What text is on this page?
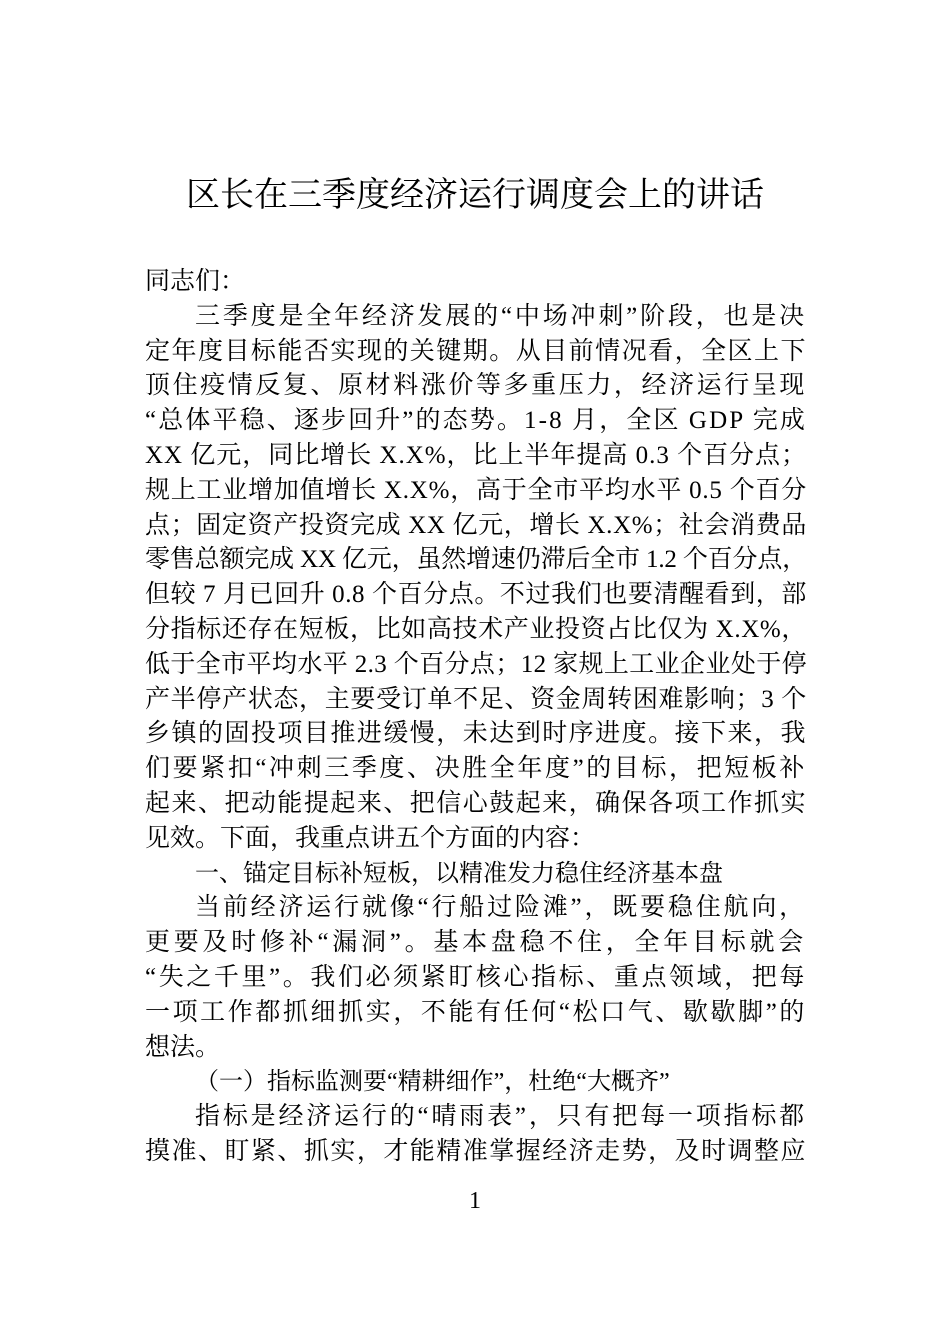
区长在三季度经济运行调度会上的讲话
同志们：
三季度是全年经济发展的“中场冲刺”阶段，也是决
定年度目标能否实现的关键期。从目前情况看，全区上下
顶住疫情反复、原材料涨价等多重压力，经济运行呈现
“总体平稳、逐步回升”的态势。1-8 月，全区 GDP 完成
XX 亿元，同比增长 X.X%，比上半年提高 0.3 个百分点；
规上工业增加值增长 X.X%，高于全市平均水平 0.5 个百分
点；固定资产投资完成 XX 亿元，增长 X.X%；社会消费品
零售总额完成 XX 亿元，虽然增速仍滞后全市 1.2 个百分点，
但较 7 月已回升 0.8 个百分点。不过我们也要清醒看到，部
分指标还存在短板，比如高技术产业投资占比仅为 X.X%，
低于全市平均水平 2.3 个百分点；12 家规上工业企业处于停
产半停产状态，主要受订单不足、资金周转困难影响；3 个
乡镇的固投项目推进缓慢，未达到时序进度。接下来，我
们要紧扣“冲刺三季度、决胜全年度”的目标，把短板补
起来、把动能提起来、把信心鼓起来，确保各项工作抓实
见效。下面，我重点讲五个方面的内容：
一、锚定目标补短板，以精准发力稳住经济基本盘
当前经济运行就像“行船过险滩”，既要稳住航向，
更要及时修补“漏洞”。基本盘稳不住，全年目标就会
“失之千里”。我们必须紧盯核心指标、重点领域，把每
一项工作都抓细抓实，不能有任何“松口气、歇歇脚”的
想法。
（一）指标监测要“精耕细作”，杜绝“大概齐”
指标是经济运行的“晴雨表”，只有把每一项指标都
摸准、盯紧、抓实，才能精准掌握经济走势，及时调整应
1
